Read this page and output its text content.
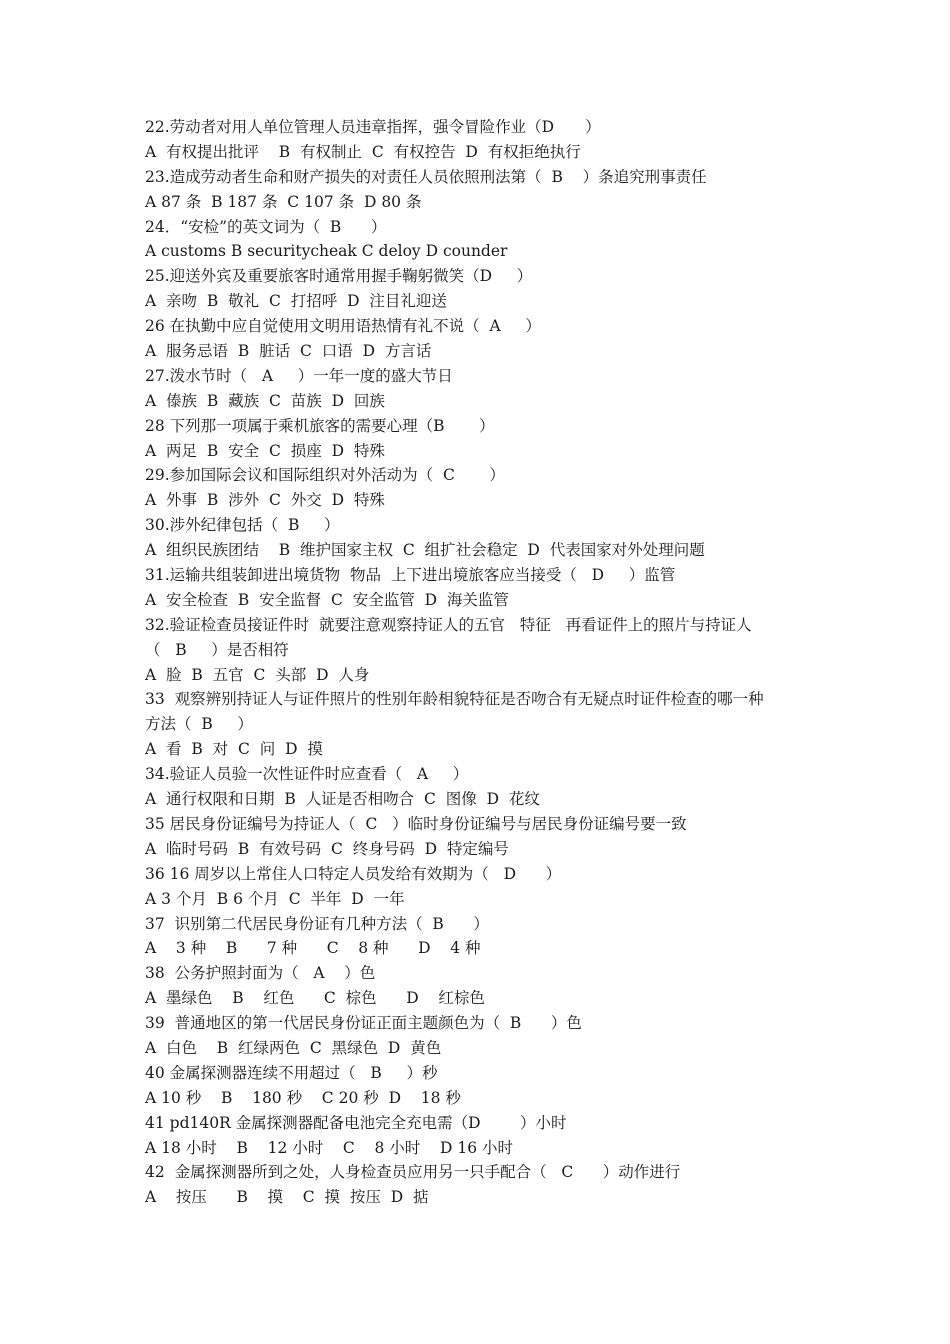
22.劳动者对用人单位管理人员违章指挥，强令冒险作业（D　　）
A  有权提出批评    B  有权制止  C  有权控告  D  有权拒绝执行
23.造成劳动者生命和财产损失的对责任人员依照刑法第（  B    ）条追究刑事责任
A 87 条  B 187 条  C 107 条  D 80 条
24．“安检”的英文词为（  B      ）
A customs B securitycheak C deloy D counder
25.迎送外宾及重要旅客时通常用握手鞠躬微笑（D     ）
A  亲吻  B  敬礼  C  打招呼  D  注目礼迎送
26 在执勤中应自觉使用文明用语热情有礼不说（  A     ）
A  服务忌语  B  脏话  C  口语  D  方言话
27.泼水节时（   A     ）一年一度的盛大节日
A  傣族  B  藏族  C  苗族  D  回族
28 下列那一项属于乘机旅客的需要心理（B       ）
A  两足  B  安全  C  损座  D  特殊
29.参加国际会议和国际组织对外活动为（  C       ）
A  外事  B  涉外  C  外交  D  特殊
30.涉外纪律包括（  B     ）
A  组织民族团结    B  维护国家主权  C  组扩社会稳定  D  代表国家对外处理问题
31.运输共组装卸进出境货物  物品  上下进出境旅客应当接受（   D     ）监管
A  安全检查  B  安全监督  C  安全监管  D  海关监管
32.验证检查员接证件时  就要注意观察持证人的五官   特征   再看证件上的照片与持证人
（   B     ）是否相符
A  脸  B  五官  C  头部  D  人身
33  观察辨别持证人与证件照片的性别年龄相貌特征是否吻合有无疑点时证件检查的哪一种
方法（  B     ）
A  看  B  对  C  问  D  摸
34.验证人员验一次性证件时应查看（   A     ）
A  通行权限和日期  B  人证是否相吻合  C  图像  D  花纹
35 居民身份证编号为持证人（  C   ）临时身份证编号与居民身份证编号要一致
A  临时号码  B  有效号码  C  终身号码  D  特定编号
36 16 周岁以上常住人口特定人员发给有效期为（   D      ）
A 3 个月  B 6 个月  C  半年  D  一年
37  识别第二代居民身份证有几种方法（  B      ）
A    3 种    B      7 种      C    8 种      D    4 种
38  公务护照封面为（   A    ）色
A  墨绿色    B    红色      C  棕色      D    红棕色
39  普通地区的第一代居民身份证正面主题颜色为（  B      ）色
A  白色    B  红绿两色  C  黑绿色  D  黄色
40 金属探测器连续不用超过（   B     ）秒
A 10 秒    B    180 秒    C 20 秒  D    18 秒
41 pd140R 金属探测器配备电池完全充电需（D        ）小时
A 18 小时    B    12 小时    C    8 小时    D 16 小时
42  金属探测器所到之处，人身检查员应用另一只手配合（   C      ）动作进行
A    按压      B    摸    C  摸  按压  D  掂
